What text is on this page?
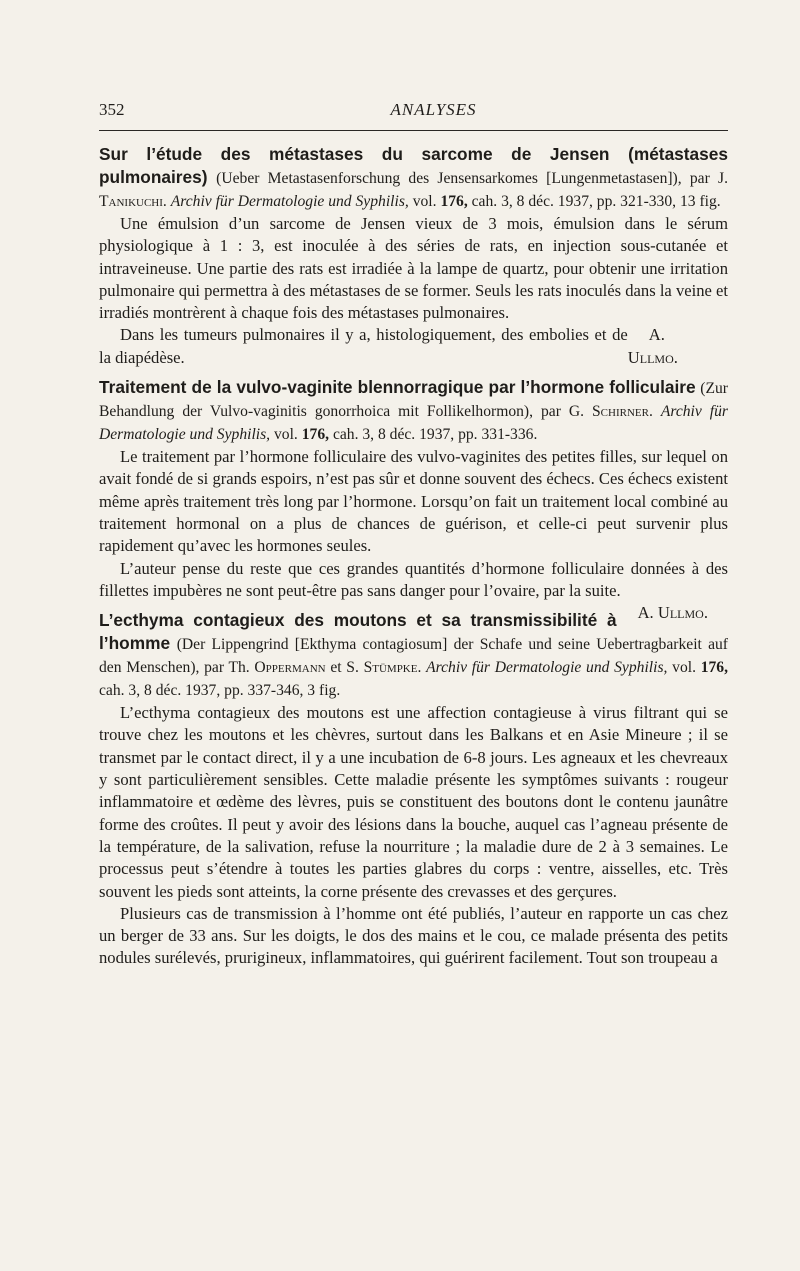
352	ANALYSES

Sur l’étude des métastases du sarcome de Jensen (métastases pulmonaires) (Ueber Metastasenforschung des Jensensarkomes [Lungenmetastasen]), par J. Tanikuchi. Archiv für Dermatologie und Syphilis, vol. 176, cah. 3, 8 déc. 1937, pp. 321-330, 13 fig.

Une émulsion d’un sarcome de Jensen vieux de 3 mois, émulsion dans le sérum physiologique à 1 : 3, est inoculée à des séries de rats, en injection sous-cutanée et intraveineuse. Une partie des rats est irradiée à la lampe de quartz, pour obtenir une irritation pulmonaire qui permettra à des métastases de se former. Seuls les rats inoculés dans la veine et irradiés montrèrent à chaque fois des métastases pulmonaires.

Dans les tumeurs pulmonaires il y a, histologiquement, des embolies et de la diapédèse.
A. Ullmo.

Traitement de la vulvo-vaginite blennorragique par l’hormone folliculaire (Zur Behandlung der Vulvo-vaginitis gonorrhoica mit Follikelhormon), par G. Schirner. Archiv für Dermatologie und Syphilis, vol. 176, cah. 3, 8 déc. 1937, pp. 331-336.

Le traitement par l’hormone folliculaire des vulvo-vaginites des petites filles, sur lequel on avait fondé de si grands espoirs, n’est pas sûr et donne souvent des échecs. Ces échecs existent même après traitement très long par l’hormone. Lorsqu’on fait un traitement local combiné au traitement hormonal on a plus de chances de guérison, et celle-ci peut survenir plus rapidement qu’avec les hormones seules.

L’auteur pense du reste que ces grandes quantités d’hormone folliculaire données à des fillettes impubères ne sont peut-être pas sans danger pour l’ovaire, par la suite.
A. Ullmo.

L’ecthyma contagieux des moutons et sa transmissibilité à l’homme (Der Lippengrind [Ekthyma contagiosum] der Schafe und seine Uebertragbarkeit auf den Menschen), par Th. Oppermann et S. Stümpke. Archiv für Dermatologie und Syphilis, vol. 176, cah. 3, 8 déc. 1937, pp. 337-346, 3 fig.

L’ecthyma contagieux des moutons est une affection contagieuse à virus filtrant qui se trouve chez les moutons et les chèvres, surtout dans les Balkans et en Asie Mineure ; il se transmet par le contact direct, il y a une incubation de 6-8 jours. Les agneaux et les chevreaux y sont particulièrement sensibles. Cette maladie présente les symptômes suivants : rougeur inflammatoire et œdème des lèvres, puis se constituent des boutons dont le contenu jaunâtre forme des croûtes. Il peut y avoir des lésions dans la bouche, auquel cas l’agneau présente de la température, de la salivation, refuse la nourriture ; la maladie dure de 2 à 3 semaines. Le processus peut s’étendre à toutes les parties glabres du corps : ventre, aisselles, etc. Très souvent les pieds sont atteints, la corne présente des crevasses et des gerçures.

Plusieurs cas de transmission à l’homme ont été publiés, l’auteur en rapporte un cas chez un berger de 33 ans. Sur les doigts, le dos des mains et le cou, ce malade présenta des petits nodules surélevés, prurigineux, inflammatoires, qui guérirent facilement. Tout son troupeau a
